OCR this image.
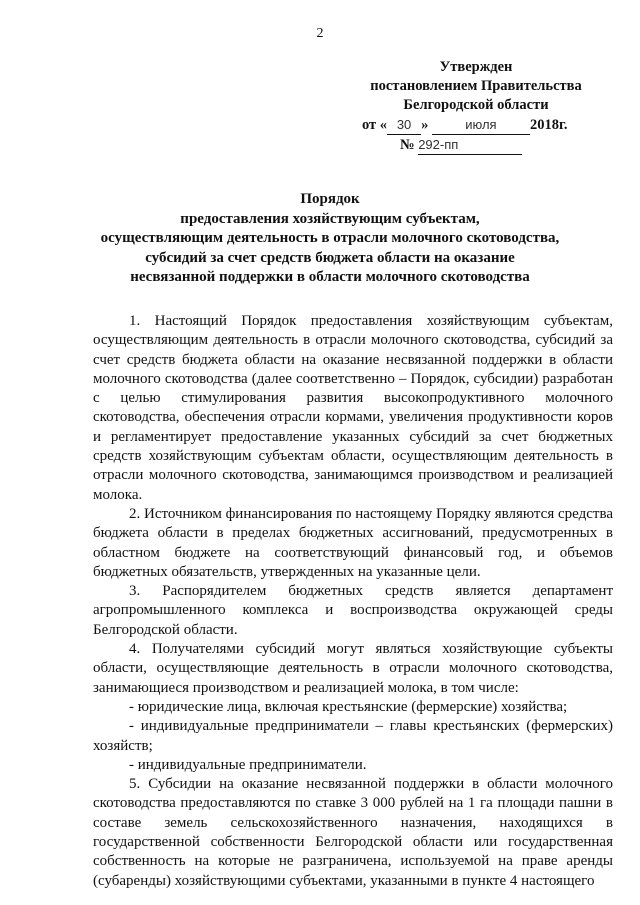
2
Утвержден
постановлением Правительства
Белгородской области
от « 30 »	июля 2018г.
№ 292-пп
Порядок
предоставления хозяйствующим субъектам,
осуществляющим деятельность в отрасли молочного скотоводства,
субсидий за счет средств бюджета области на оказание
несвязанной поддержки в области молочного скотоводства

1. Настоящий Порядок предоставления хозяйствующим субъектам, осуществляющим деятельность в отрасли молочного скотоводства, субсидий за счет средств бюджета области на оказание несвязанной поддержки в области молочного скотоводства (далее соответственно – Порядок, субсидии) разработан с целью стимулирования развития высокопродуктивного молочного скотоводства, обеспечения отрасли кормами, увеличения продуктивности коров и регламентирует предоставление указанных субсидий за счет бюджетных средств хозяйствующим субъектам области, осуществляющим деятельность в отрасли молочного скотоводства, занимающимся производством и реализацией молока.

2. Источником финансирования по настоящему Порядку являются средства бюджета области в пределах бюджетных ассигнований, предусмотренных в областном бюджете на соответствующий финансовый год, и объемов бюджетных обязательств, утвержденных на указанные цели.

3. Распорядителем бюджетных средств является департамент агропромышленного комплекса и воспроизводства окружающей среды Белгородской области.

4. Получателями субсидий могут являться хозяйствующие субъекты области, осуществляющие деятельность в отрасли молочного скотоводства, занимающиеся производством и реализацией молока, в том числе:

- юридические лица, включая крестьянские (фермерские) хозяйства;

- индивидуальные предприниматели – главы крестьянских (фермерских) хозяйств;

- индивидуальные предприниматели.

5. Субсидии на оказание несвязанной поддержки в области молочного скотоводства предоставляются по ставке 3 000 рублей на 1 га площади пашни в составе земель сельскохозяйственного назначения, находящихся в государственной собственности Белгородской области или государственная собственность на которые не разграничена, используемой на праве аренды (субаренды) хозяйствующими субъектами, указанными в пункте 4 настоящего
